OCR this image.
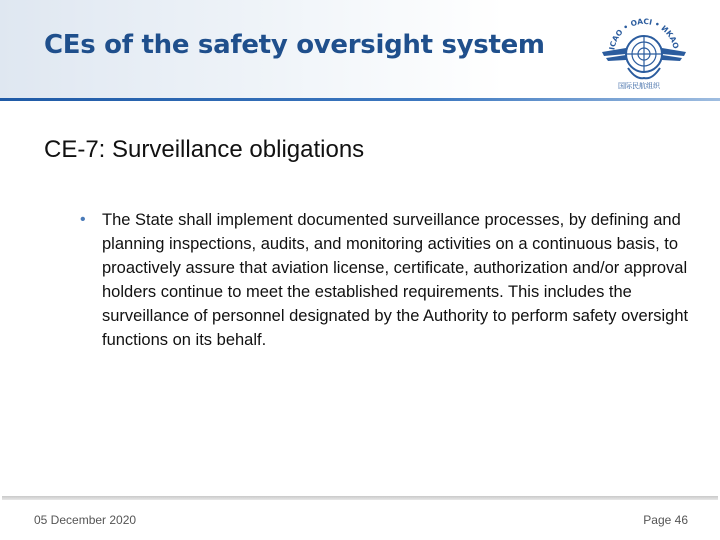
CEs of the safety oversight system	ICAO • OACI • ИКАО
国际民航组织
CE-7: Surveillance obligations
• The State shall implement documented surveillance processes, by defining and planning inspections, audits, and monitoring activities on a continuous basis, to proactively assure that aviation license, certificate, authorization and/or approval holders continue to meet the established requirements. This includes the surveillance of personnel designated by the Authority to perform safety oversight functions on its behalf.
05 December 2020	Page 46
